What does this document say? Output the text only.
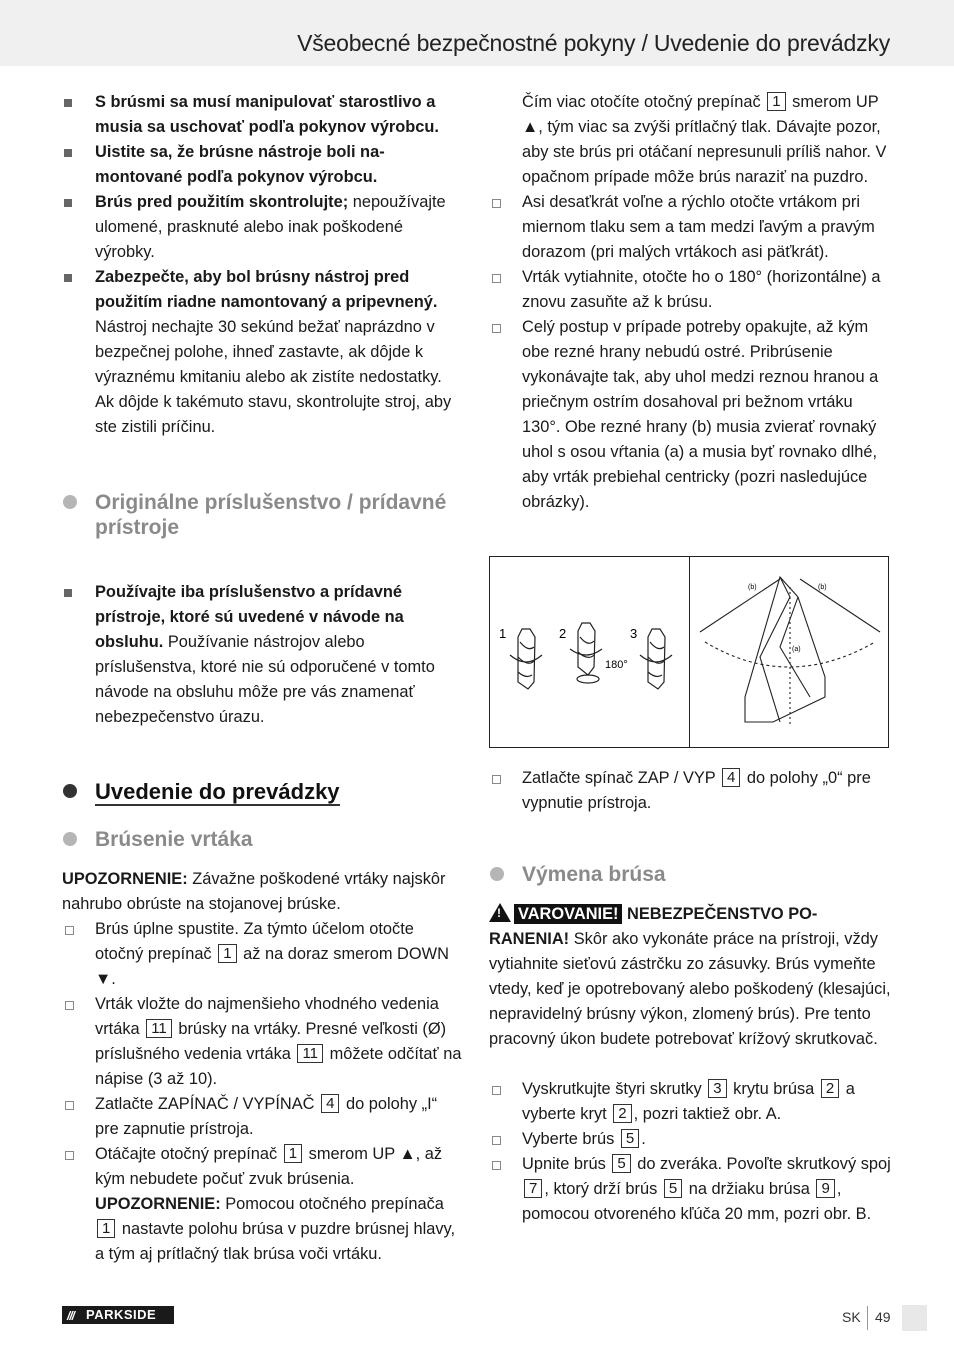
Všeobecné bezpečnostné pokyny / Uvedenie do prevádzky
S brúsmi sa musí manipulovať starostlivo a musia sa uschovať podľa pokynov výrobcu.
Uistite sa, že brúsne nástroje boli namontované podľa pokynov výrobcu.
Brús pred použitím skontrolujte; nepoužívajte ulomené, prasknuté alebo inak poškodené výrobky.
Zabezpečte, aby bol brúsny nástroj pred použitím riadne namontovaný a pripevnený. Nástroj nechajte 30 sekúnd bežať naprázdno v bezpečnej polohe, ihneď zastavte, ak dôjde k výraznému kmitaniu alebo ak zistíte nedostatky. Ak dôjde k takémuto stavu, skontrolujte stroj, aby ste zistili príčinu.
Originálne príslušenstvo / prídavné prístroje
Používajte iba príslušenstvo a prídavné prístroje, ktoré sú uvedené v návode na obsluhu. Používanie nástrojov alebo príslušenstva, ktoré nie sú odporučené v tomto návode na obsluhu môže pre vás znamenať nebezpečenstvo úrazu.
Uvedenie do prevádzky
Brúsenie vrtáka
UPOZORNENIE: Závažne poškodené vrtáky najskôr nahrubo obrúste na stojanovej brúske.
Brús úplne spustite. Za týmto účelom otočte otočný prepínač 1 až na doraz smerom DOWN ▼.
Vrták vložte do najmenšieho vhodného vedenia vrtáka 11 brúsky na vrtáky. Presné veľkosti (Ø) príslušného vedenia vrtáka 11 môžete odčítať na nápise (3 až 10).
Zatlačte ZAPÍNAČ / VYPÍNAČ 4 do polohy „I“ pre zapnutie prístroja.
Otáčajte otočný prepínač 1 smerom UP ▲, až kým nebudete počuť zvuk brúsenia.
UPOZORNENIE: Pomocou otočného prepínača 1 nastavte polohu brúsa v puzdre brúsnej hlavy, a tým aj prítlačný tlak brúsa voči vrtáku.
Čím viac otočíte otočný prepínač 1 smerom UP ▲, tým viac sa zvýši prítlačný tlak. Dávajte pozor, aby ste brús pri otáčaní nepresunuli príliš nahor. V opačnom prípade môže brús naraziť na puzdro.
Asi desaťkrát voľne a rýchlo otočte vrtákom pri miernom tlaku sem a tam medzi ľavým a pravým dorazom (pri malých vrtákoch asi päťkrát).
Vrták vytiahnite, otočte ho o 180° (horizontálne) a znovu zasuňte až k brúsu.
Celý postup v prípade potreby opakujte, až kým obe rezné hrany nebudú ostré. Pribrúsenie vykonávajte tak, aby uhol medzi reznou hranou a priečnym ostrím dosahoval pri bežnom vrtáku 130°. Obe rezné hrany (b) musia zvierať rovnaký uhol s osou vŕtania (a) a musia byť rovnako dlhé, aby vrták prebiehal centricky (pozri nasledujúce obrázky).
1	2	3
180°
(b)	(b)
(a)
Zatlačte spínač ZAP / VYP 4 do polohy „0“ pre vypnutie prístroja.
Výmena brúsa
! VAROVANIE! NEBEZPEČENSTVO PORANENIA! Skôr ako vykonáte práce na prístroji, vždy vytiahnite sieťovú zástrčku zo zásuvky. Brús vymeňte vtedy, keď je opotrebovaný alebo poškodený (klesajúci, nepravidelný brúsny výkon, zlomený brús). Pre tento pracovný úkon budete potrebovať krížový skrutkovač.
Vyskrutkujte štyri skrutky 3 krytu brúsa 2 a vyberte kryt 2 , pozri taktiež obr. A.
Vyberte brús 5 .
Upnite brús 5 do zveráka. Povoľte skrutkový spoj 7 , ktorý drží brús 5 na držiaku brúsa 9 , pomocou otvoreného kľúča 20 mm, pozri obr. B.
/// PARKSIDE	SK 49
